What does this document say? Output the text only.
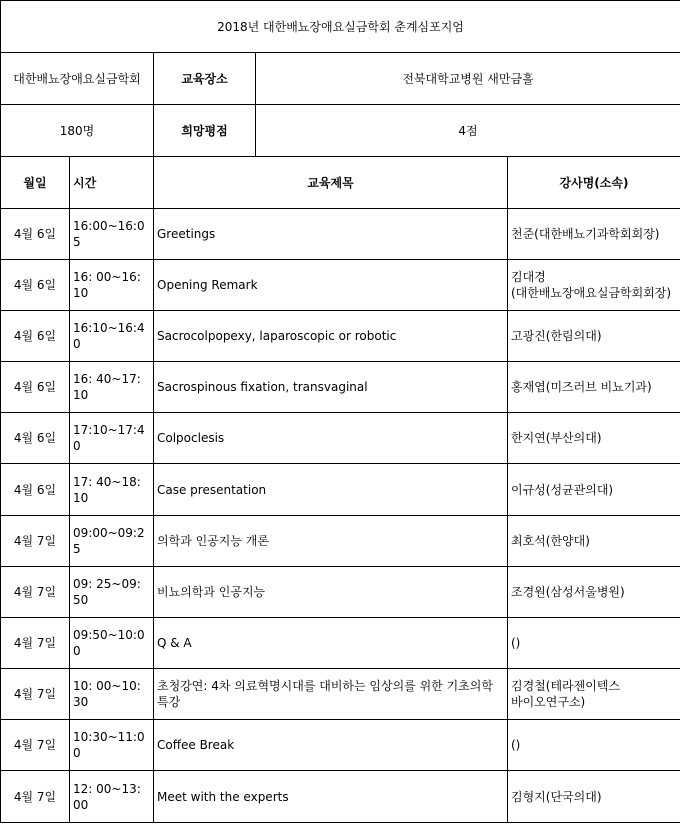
2018년 대한배뇨장애요실금학회 춘계심포지엄				
대한배뇨장애요실금학회		교육장소	전북대학교병원 새만금홀	
180명		희망평점	4점	
월일	시간	교육제목		강사명(소속)
4월 6일	16:00~16:05	Greetings		천준(대한배뇨기과학회회장)
4월 6일	16: 00~16: 10	Opening Remark		김대경(대한배뇨장애요실금학회회장)
4월 6일	16:10~16:40	Sacrocolpopexy, laparoscopic or robotic		고광진(한림의대)
4월 6일	16: 40~17: 10	Sacrospinous fixation, transvaginal		홍재엽(미즈러브 비뇨기과)
4월 6일	17:10~17:40	Colpoclesis		한지연(부산의대)
4월 6일	17: 40~18: 10	Case presentation		이규성(성균관의대)
4월 7일	09:00~09:25	의학과 인공지능 개론		최호석(한양대)
4월 7일	09: 25~09: 50	비뇨의학과 인공지능		조경원(삼성서울병원)
4월 7일	09:50~10:00	Q & A		()
4월 7일	10: 00~10: 30	초청강연: 4차 의료혁명시대를 대비하는 임상의를 위한 기초의학 특강		김경철(테라젠이텍스 바이오연구소)
4월 7일	10:30~11:00	Coffee Break		()
4월 7일	12: 00~13: 00	Meet with the experts		김형지(단국의대)
